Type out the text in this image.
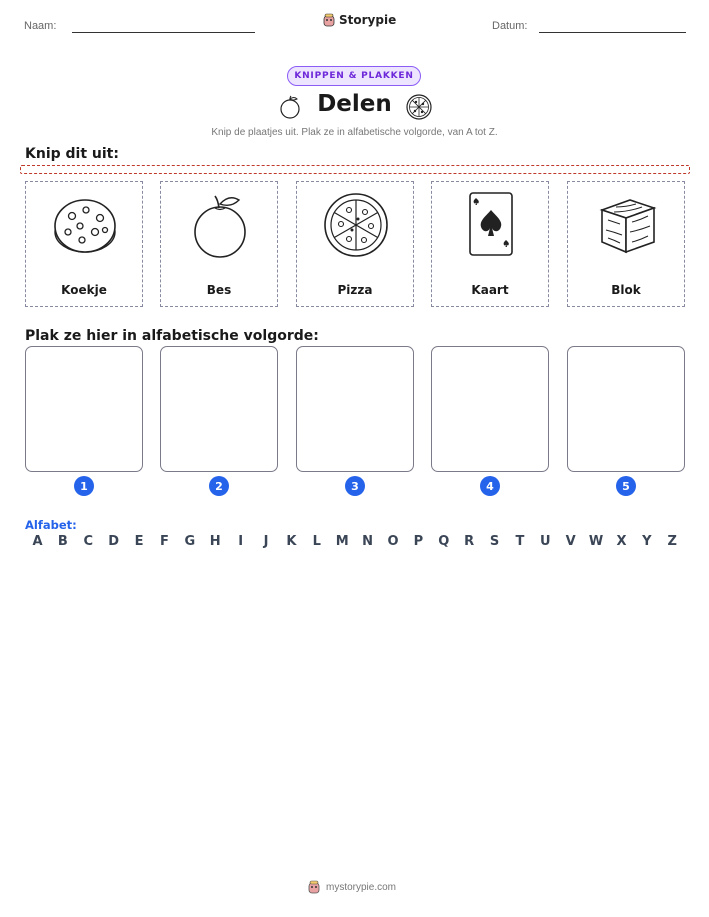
Naam:	Storypie	Datum:
KNIPPEN & PLAKKEN
Delen
Knip de plaatjes uit. Plak ze in alfabetische volgorde, van A tot Z.
Knip dit uit:
Koekje	Bes	Pizza	Kaart	Blok
Plak ze hier in alfabetische volgorde:
1	2	3	4	5
Alfabet:
A	B	C	D	E	F	G	H	I	J	K	L	M	N	O	P	Q	R	S	T	U	V	W	X	Y	Z
mystorypie.com
